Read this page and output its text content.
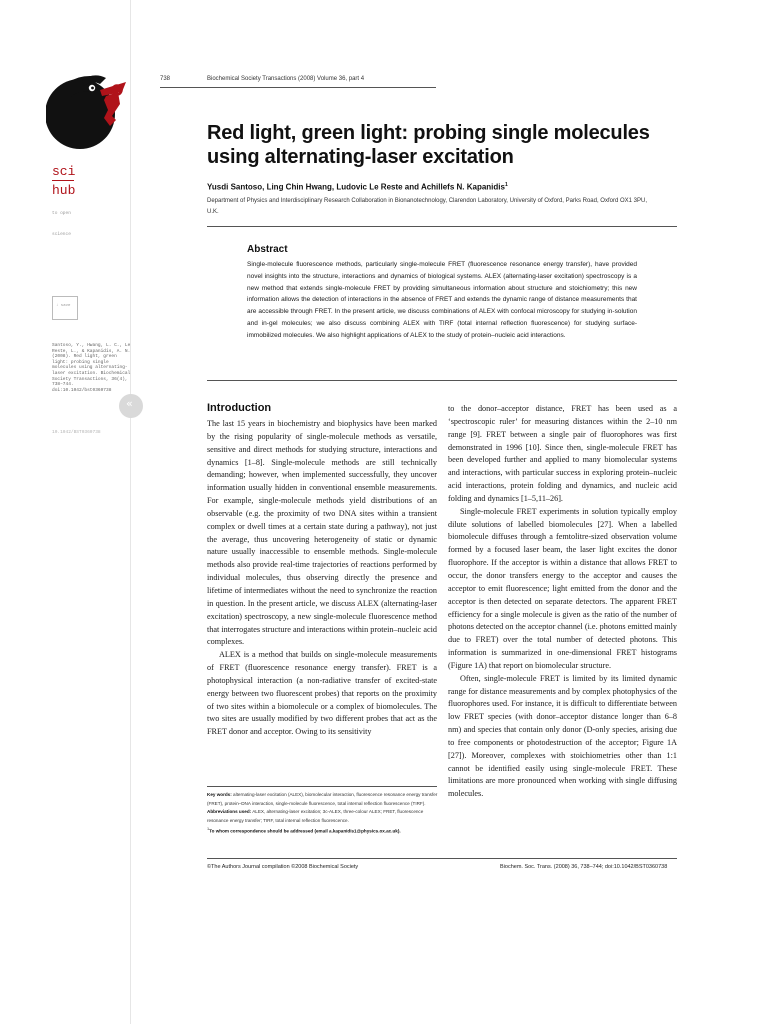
sci
hub
to open
science
↓ save
Santoso, Y., Hwang, L. C., Le Reste, L., & Kapanidis, A. N. (2008). Red light, green light: probing single molecules using alternating-laser excitation. Biochemical Society Transactions, 36(4), 738–744. doi:10.1042/bst0360738
10.1042/BST0360738
«
738	Biochemical Society Transactions (2008) Volume 36, part 4
Red light, green light: probing single molecules using alternating-laser excitation
Yusdi Santoso, Ling Chin Hwang, Ludovic Le Reste and Achillefs N. Kapanidis$^1$
Department of Physics and Interdisciplinary Research Collaboration in Bionanotechnology, Clarendon Laboratory, University of Oxford, Parks Road, Oxford OX1 3PU, U.K.
Abstract
Single-molecule fluorescence methods, particularly single-molecule FRET (fluorescence resonance energy transfer), have provided novel insights into the structure, interactions and dynamics of biological systems. ALEX (alternating-laser excitation) spectroscopy is a new method that extends single-molecule FRET by providing simultaneous information about structure and stoichiometry; this new information allows the detection of interactions in the absence of FRET and extends the dynamic range of distance measurements that are accessible through FRET. In the present article, we discuss combinations of ALEX with confocal microscopy for studying in-solution and in-gel molecules; we also discuss combining ALEX with TIRF (total internal reflection fluorescence) for studying surface-immobilized molecules. We also highlight applications of ALEX to the study of protein–nucleic acid interactions.
Introduction

The last 15 years in biochemistry and biophysics have been marked by the rising popularity of single-molecule methods as versatile, sensitive and direct methods for studying structure, interactions and dynamics [1–8]. Single-molecule methods are still technically demanding; however, when implemented successfully, they uncover information usually hidden in conventional ensemble measurements. For example, single-molecule methods yield distributions of an observable (e.g. the proximity of two DNA sites within a transient complex or dwell times at a certain state during a pathway), not just the average, thus uncovering heterogeneity of static or dynamic nature usually inaccessible to ensemble methods. Single-molecule methods also provide real-time trajectories of reactions performed by individual molecules, thus observing directly the presence and lifetime of intermediates without the need to synchronize the reaction in question. In the present article, we discuss ALEX (alternating-laser excitation) spectroscopy, a new single-molecule fluorescence method that interrogates structure and interactions within protein–nucleic acid complexes.

ALEX is a method that builds on single-molecule measurements of FRET (fluorescence resonance energy transfer). FRET is a photophysical interaction (a non-radiative transfer of excited-state energy between two fluorescent probes) that reports on the proximity of two sites within a biomolecule or a complex of biomolecules. The two sites are usually modified by two different probes that act as the FRET donor and acceptor. Owing to its sensitivity

to the donor–acceptor distance, FRET has been used as a ‘spectroscopic ruler’ for measuring distances within the 2–10 nm range [9]. FRET between a single pair of fluorophores was first demonstrated in 1996 [10]. Since then, single-molecule FRET has been developed further and applied to many biomolecular systems and interactions, with particular success in exploring protein–nucleic acid interactions, protein folding and dynamics, and nucleic acid folding and dynamics [1–5,11–26].

Single-molecule FRET experiments in solution typically employ dilute solutions of labelled biomolecules [27]. When a labelled biomolecule diffuses through a femtolitre-sized observation volume formed by a focused laser beam, the laser light excites the donor fluorophore. If the acceptor is within a distance that allows FRET to occur, the donor transfers energy to the acceptor and causes the acceptor to emit fluorescence; light emitted from the donor and the acceptor is then detected on separate detectors. The apparent FRET efficiency for a single molecule is given as the ratio of the number of photons detected on the acceptor channel (i.e. photons emitted mainly due to FRET) over the total number of detected photons. This information is summarized in one-dimensional FRET histograms (Figure 1A) that report on biomolecular structure.

Often, single-molecule FRET is limited by its limited dynamic range for distance measurements and by complex photophysics of the fluorophores used. For instance, it is difficult to differentiate between low FRET species (with donor–acceptor distance longer than 6–8 nm) and species that contain only donor (D-only species, arising due to free components or photodestruction of the acceptor; Figure 1A [27]). Moreover, complexes with stoichiometries other than 1:1 cannot be identified easily using single-molecule FRET. These limitations are more pronounced when working with single diffusing molecules.

Key words: alternating-laser excitation (ALEX), biomolecular interaction, fluorescence resonance energy transfer (FRET), protein–DNA interaction, single-molecule fluorescence, total internal reflection fluorescence (TIRF).
Abbreviations used: ALEX, alternating-laser excitation; 3c-ALEX, three-colour ALEX; FRET, fluorescence resonance energy transfer; TIRF, total internal reflection fluorescence.
$^1$To whom correspondence should be addressed (email a.kapanidis1@physics.ox.ac.uk).
©The Authors Journal compilation ©2008 Biochemical Society	Biochem. Soc. Trans. (2008) 36, 738–744; doi:10.1042/BST0360738
